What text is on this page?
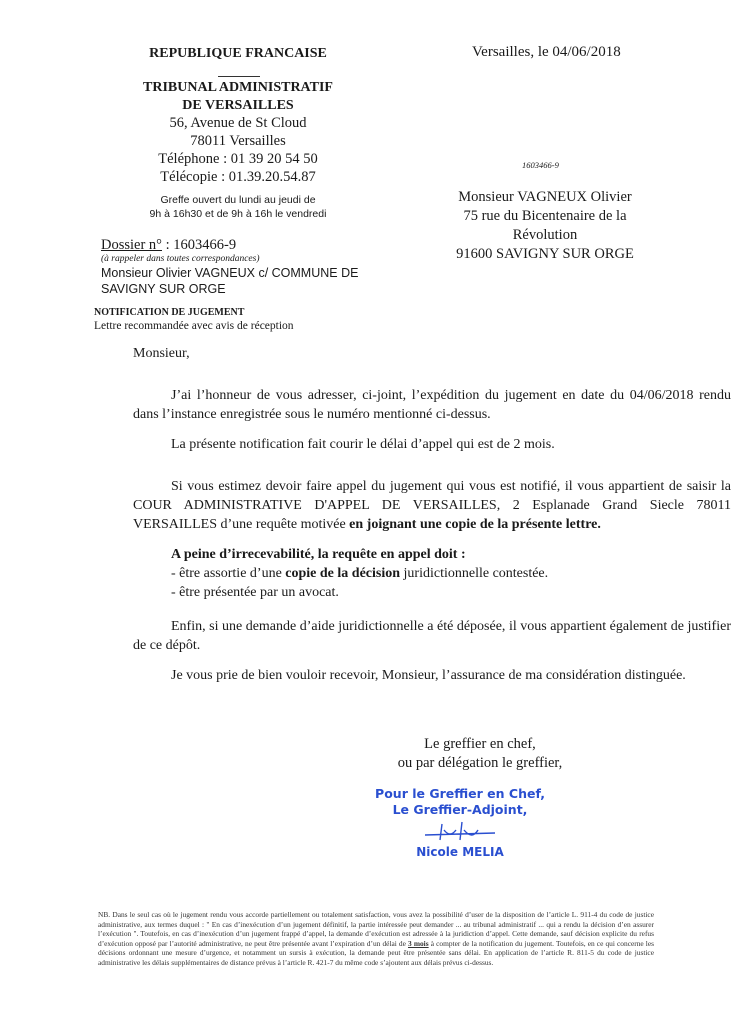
REPUBLIQUE FRANCAISE
TRIBUNAL ADMINISTRATIF
DE VERSAILLES
56, Avenue de St Cloud
78011 Versailles
Téléphone : 01 39 20 54 50
Télécopie : 01.39.20.54.87
Greffe ouvert du lundi au jeudi de
9h à 16h30 et de 9h à 16h le vendredi
Versailles, le 04/06/2018
1603466-9
Monsieur VAGNEUX Olivier
75 rue du Bicentenaire de la
Révolution
91600 SAVIGNY SUR ORGE
Dossier n° : 1603466-9
(à rappeler dans toutes correspondances)
Monsieur Olivier VAGNEUX c/ COMMUNE DE
SAVIGNY SUR ORGE
NOTIFICATION DE JUGEMENT
Lettre recommandée avec avis de réception
Monsieur,
J’ai l’honneur de vous adresser, ci-joint, l’expédition du jugement en date du 04/06/2018 rendu dans l’instance enregistrée sous le numéro mentionné ci-dessus.
La présente notification fait courir le délai d’appel qui est de 2 mois.
Si vous estimez devoir faire appel du jugement qui vous est notifié, il vous appartient de saisir la COUR ADMINISTRATIVE D'APPEL DE VERSAILLES, 2 Esplanade Grand Siecle 78011 VERSAILLES d’une requête motivée en joignant une copie de la présente lettre.
A peine d’irrecevabilité, la requête en appel doit :
- être assortie d’une copie de la décision juridictionnelle contestée.
- être présentée par un avocat.
Enfin, si une demande d’aide juridictionnelle a été déposée, il vous appartient également de justifier de ce dépôt.
Je vous prie de bien vouloir recevoir, Monsieur, l’assurance de ma considération distinguée.
Le greffier en chef,
ou par délégation le greffier,
Pour le Greffier en Chef,
Le Greffier-Adjoint,
Nicole MELIA
NB. Dans le seul cas où le jugement rendu vous accorde partiellement ou totalement satisfaction, vous avez la possibilité d’user de la disposition de l’article L. 911-4 du code de justice administrative, aux termes duquel : " En cas d’inexécution d’un jugement définitif, la partie intéressée peut demander ... au tribunal administratif ... qui a rendu la décision d’en assurer l’exécution ". Toutefois, en cas d’inexécution d’un jugement frappé d’appel, la demande d’exécution est adressée à la juridiction d’appel. Cette demande, sauf décision explicite du refus d’exécution opposé par l’autorité administrative, ne peut être présentée avant l’expiration d’un délai de 3 mois à compter de la notification du jugement. Toutefois, en ce qui concerne les décisions ordonnant une mesure d’urgence, et notamment un sursis à exécution, la demande peut être présentée sans délai. En application de l’article R. 811-5 du code de justice administrative les délais supplémentaires de distance prévus à l’article R. 421-7 du même code s’ajoutent aux délais prévus ci-dessus.
